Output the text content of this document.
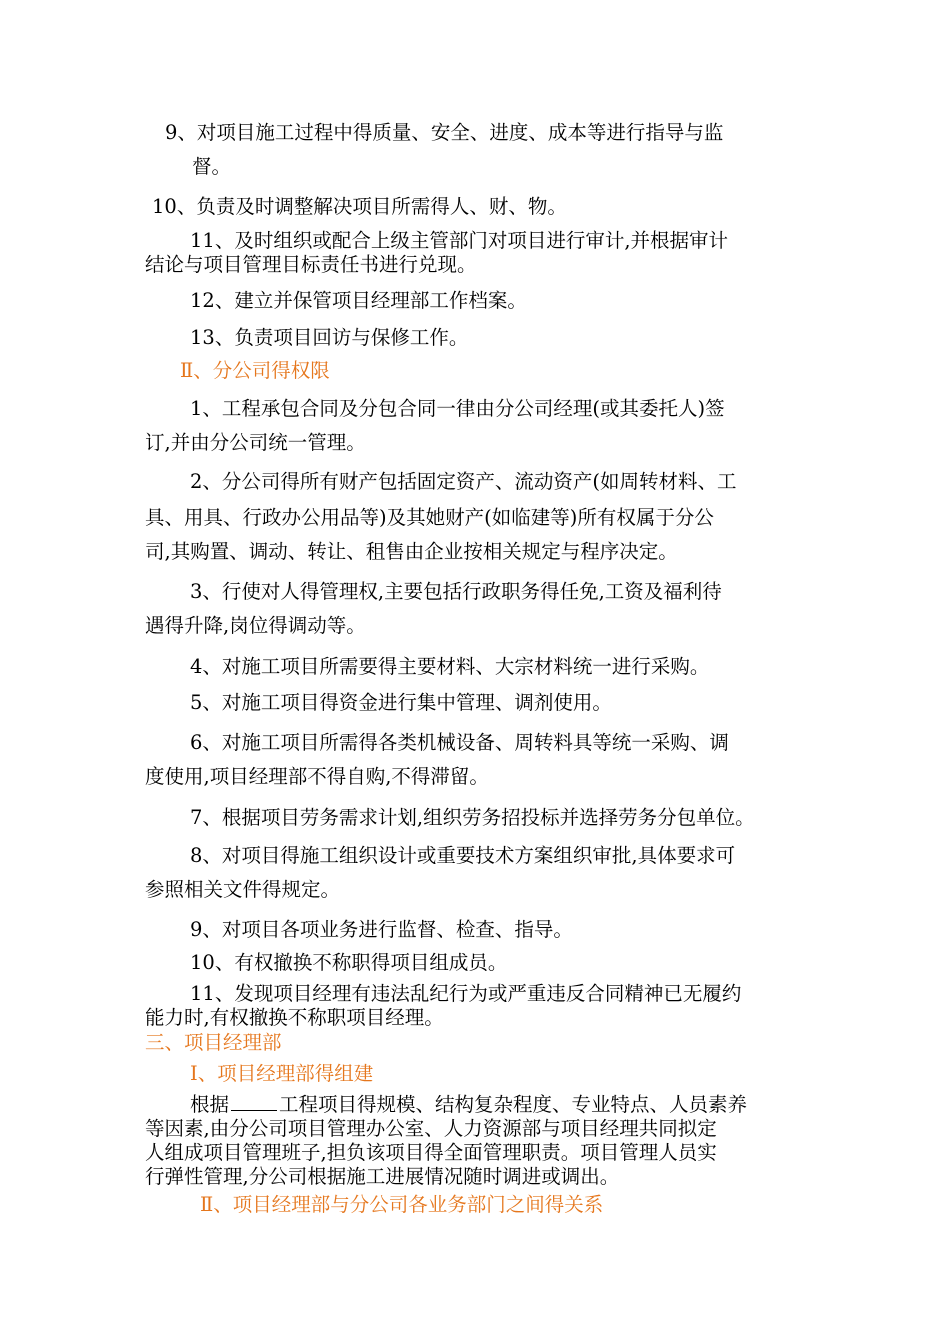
9、对项目施工过程中得质量、安全、进度、成本等进行指导与监
督。
10、负责及时调整解决项目所需得人、财、物。
11、及时组织或配合上级主管部门对项目进行审计,并根据审计
结论与项目管理目标责任书进行兑现。
12、建立并保管项目经理部工作档案。
13、负责项目回访与保修工作。
Ⅱ、分公司得权限
1、工程承包合同及分包合同一律由分公司经理(或其委托人)签
订,并由分公司统一管理。
2、分公司得所有财产包括固定资产、流动资产(如周转材料、工
具、用具、行政办公用品等)及其她财产(如临建等)所有权属于分公
司,其购置、调动、转让、租售由企业按相关规定与程序决定。
3、行使对人得管理权,主要包括行政职务得任免,工资及福利待
遇得升降,岗位得调动等。
4、对施工项目所需要得主要材料、大宗材料统一进行采购。
5、对施工项目得资金进行集中管理、调剂使用。
6、对施工项目所需得各类机械设备、周转料具等统一采购、调
度使用,项目经理部不得自购,不得滞留。
7、根据项目劳务需求计划,组织劳务招投标并选择劳务分包单位。
8、对项目得施工组织设计或重要技术方案组织审批,具体要求可
参照相关文件得规定。
9、对项目各项业务进行监督、检查、指导。
10、有权撤换不称职得项目组成员。
11、发现项目经理有违法乱纪行为或严重违反合同精神已无履约
能力时,有权撤换不称职项目经理。
三、项目经理部
Ⅰ、项目经理部得组建
根据	工程项目得规模、结构复杂程度、专业特点、人员素养
等因素,由分公司项目管理办公室、人力资源部与项目经理共同拟定
人组成项目管理班子,担负该项目得全面管理职责。项目管理人员实
行弹性管理,分公司根据施工进展情况随时调进或调出。
Ⅱ、项目经理部与分公司各业务部门之间得关系
